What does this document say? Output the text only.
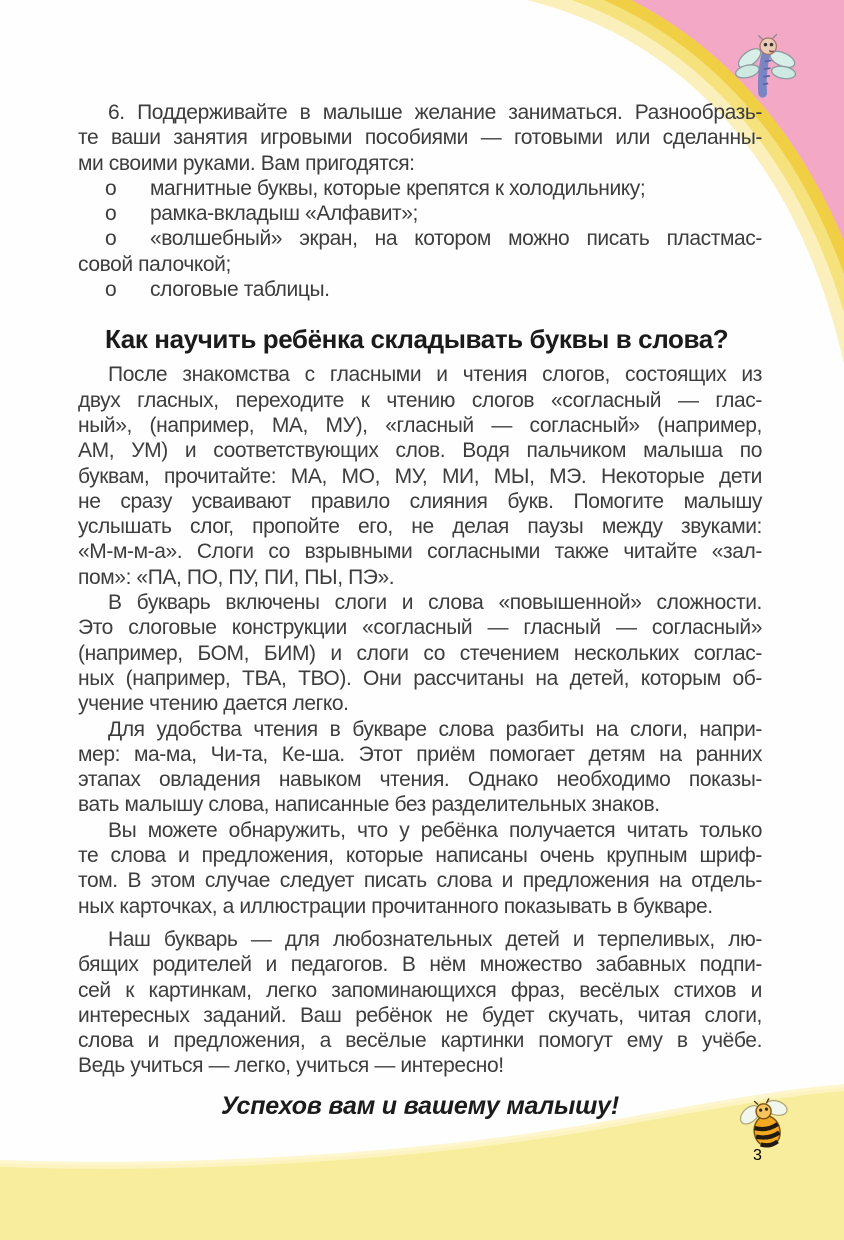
6. Поддерживайте в малыше желание заниматься. Разнообразь-
те ваши занятия игровыми пособиями — готовыми или сделанны-
ми своими руками. Вам пригодятся:
о магнитные буквы, которые крепятся к холодильнику;
о рамка-вкладыш «Алфавит»;
о «волшебный» экран, на котором можно писать пластмас-
совой палочкой;
о слоговые таблицы.
Как научить ребёнка складывать буквы в слова?
После знакомства с гласными и чтения слогов, состоящих из
двух гласных, переходите к чтению слогов «согласный — глас-
ный», (например, МА, МУ), «гласный — согласный» (например,
АМ, УМ) и соответствующих слов. Водя пальчиком малыша по
буквам, прочитайте: МА, МО, МУ, МИ, МЫ, МЭ. Некоторые дети
не сразу усваивают правило слияния букв. Помогите малышу
услышать слог, пропойте его, не делая паузы между звуками:
«М-м-м-а». Слоги со взрывными согласными также читайте «зал-
пом»: «ПА, ПО, ПУ, ПИ, ПЫ, ПЭ».
В букварь включены слоги и слова «повышенной» сложности.
Это слоговые конструкции «согласный — гласный — согласный»
(например, БОМ, БИМ) и слоги со стечением нескольких соглас-
ных (например, ТВА, ТВО). Они рассчитаны на детей, которым об-
учение чтению дается легко.
Для удобства чтения в букваре слова разбиты на слоги, напри-
мер: ма-ма, Чи-та, Ке-ша. Этот приём помогает детям на ранних
этапах овладения навыком чтения. Однако необходимо показы-
вать малышу слова, написанные без разделительных знаков.
Вы можете обнаружить, что у ребёнка получается читать только
те слова и предложения, которые написаны очень крупным шриф-
том. В этом случае следует писать слова и предложения на отдель-
ных карточках, а иллюстрации прочитанного показывать в букваре.
Наш букварь — для любознательных детей и терпеливых, лю-
бящих родителей и педагогов. В нём множество забавных подпи-
сей к картинкам, легко запоминающихся фраз, весёлых стихов и
интересных заданий. Ваш ребёнок не будет скучать, читая слоги,
слова и предложения, а весёлые картинки помогут ему в учёбе.
Ведь учиться — легко, учиться — интересно!
Успехов вам и вашему малышу!
3
